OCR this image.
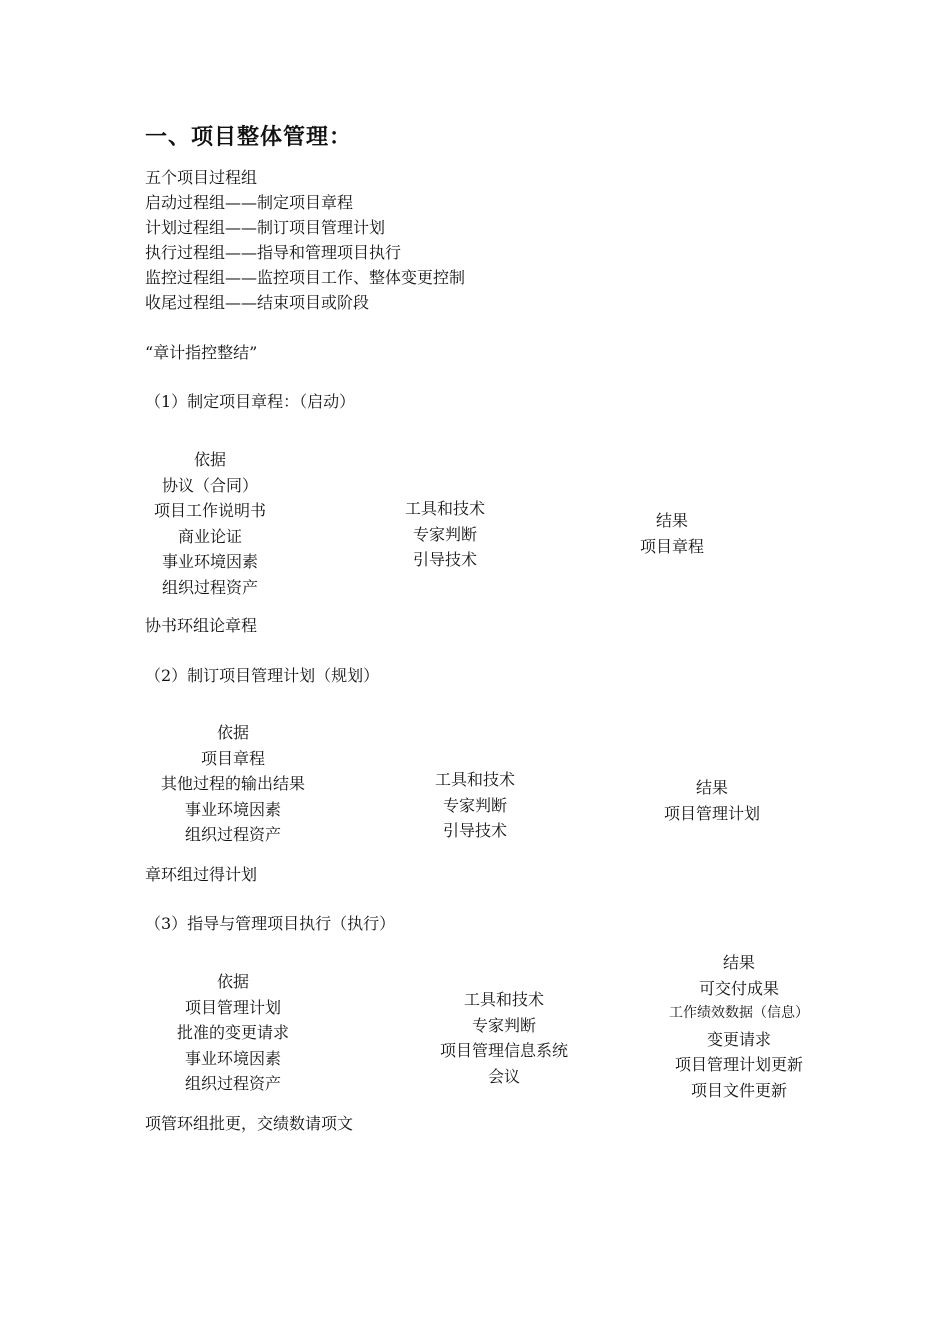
一、项目整体管理：
五个项目过程组
启动过程组——制定项目章程
计划过程组——制订项目管理计划
执行过程组——指导和管理项目执行
监控过程组——监控项目工作、整体变更控制
收尾过程组——结束项目或阶段
“章计指控整结”
（1）制定项目章程：（启动）
依据
协议（合同）
项目工作说明书
商业论证
事业环境因素
组织过程资产
工具和技术
专家判断
引导技术
结果
项目章程
协书环组论章程
（2）制订项目管理计划（规划）
依据
项目章程
其他过程的输出结果
事业环境因素
组织过程资产
工具和技术
专家判断
引导技术
结果
项目管理计划
章环组过得计划
（3）指导与管理项目执行（执行）
依据
项目管理计划
批准的变更请求
事业环境因素
组织过程资产
工具和技术
专家判断
项目管理信息系统
会议
结果
可交付成果
工作绩效数据（信息）
变更请求
项目管理计划更新
项目文件更新
项管环组批更，交绩数请项文
